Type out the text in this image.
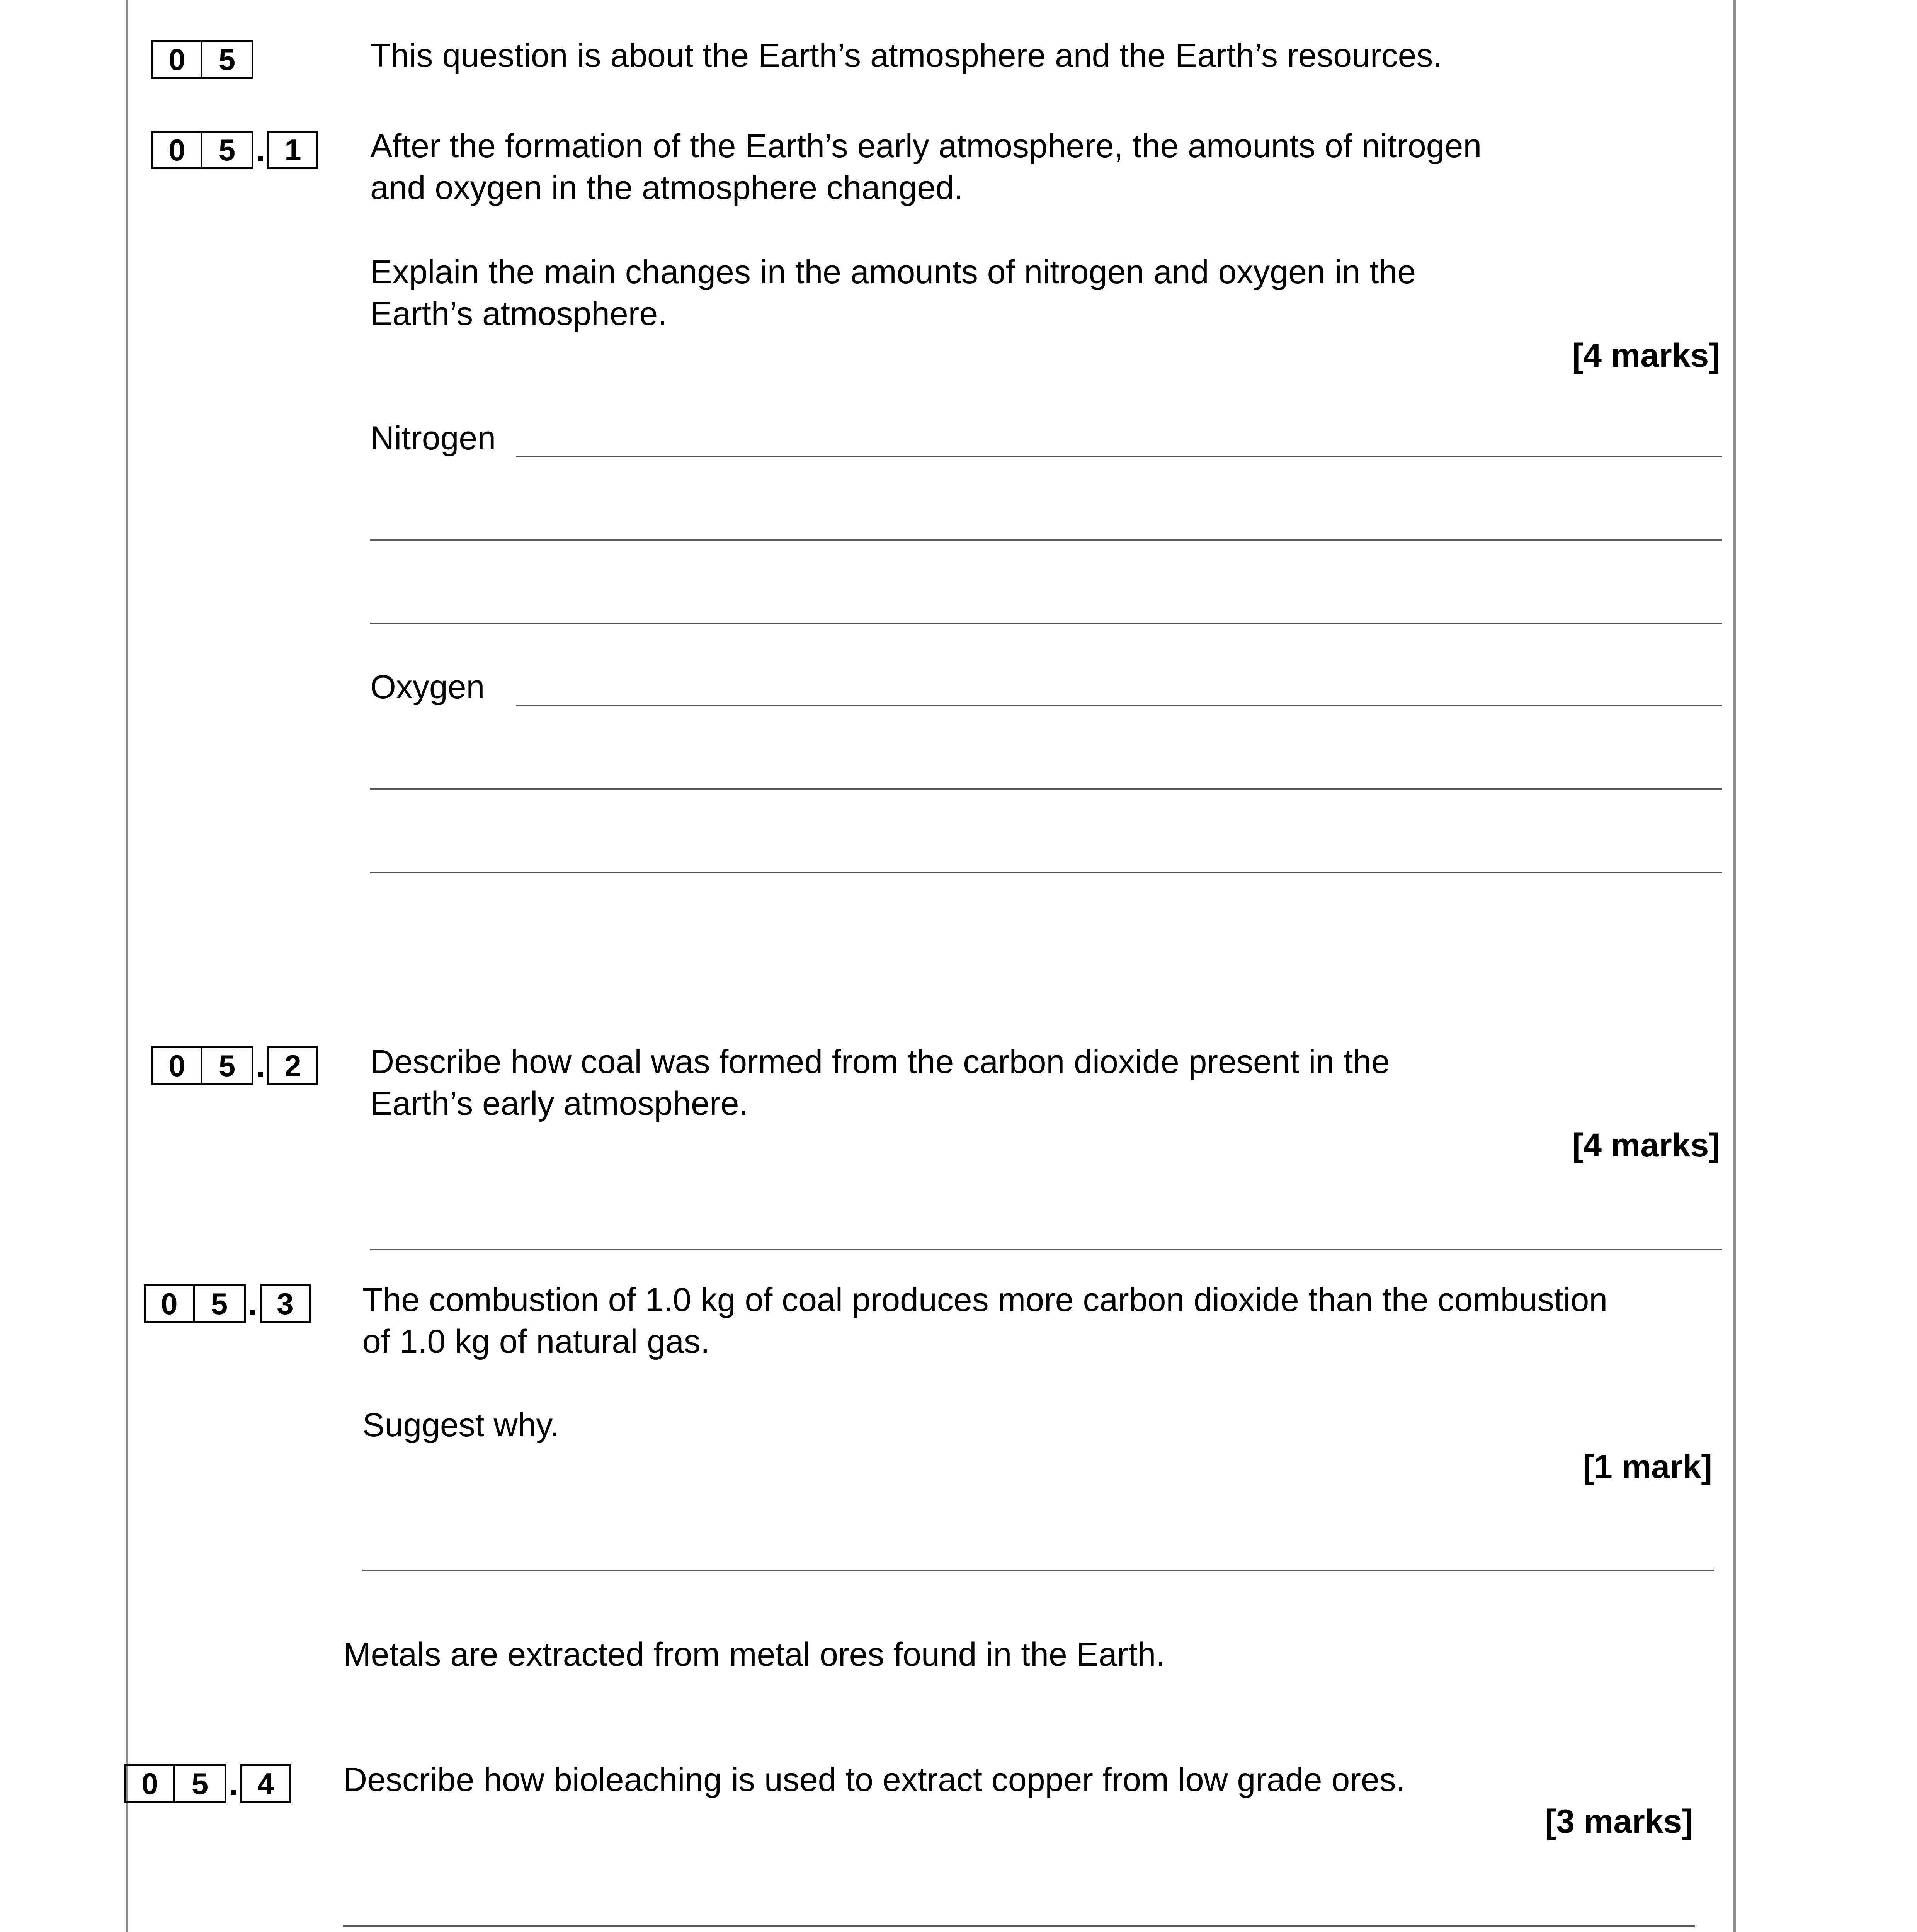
0	5	This question is about the Earth’s atmosphere and the Earth’s resources.
0	5 . 1	After the formation of the Earth’s early atmosphere, the amounts of nitrogen
and oxygen in the atmosphere changed.
Explain the main changes in the amounts of nitrogen and oxygen in the
Earth’s atmosphere.
[4 marks]
Nitrogen
Oxygen
0	5 . 2	Describe how coal was formed from the carbon dioxide present in the
Earth’s early atmosphere.
[4 marks]
0	5 . 3	The combustion of 1.0 kg of coal produces more carbon dioxide than the combustion
of 1.0 kg of natural gas.
Suggest why.
[1 mark]
Metals are extracted from metal ores found in the Earth.
0	5 . 4	Describe how bioleaching is used to extract copper from low grade ores.
[3 marks]
